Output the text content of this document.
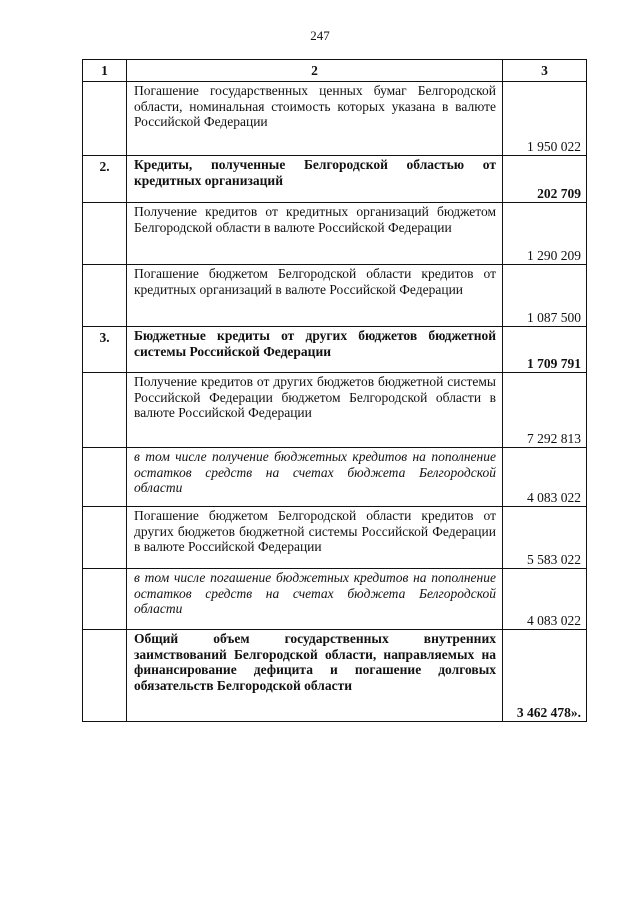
247
1	2	3
	Погашение государственных ценных бумаг Белгородской области, номинальная стоимость которых указана в валюте Российской Федерации	1 950 022
2.	Кредиты, полученные Белгородской областью от кредитных организаций	202 709
	Получение кредитов от кредитных организаций бюджетом Белгородской области в валюте Российской Федерации	1 290 209
	Погашение бюджетом Белгородской области кредитов от кредитных организаций в валюте Российской Федерации	1 087 500
3.	Бюджетные кредиты от других бюджетов бюджетной системы Российской Федерации	1 709 791
	Получение кредитов от других бюджетов бюджетной системы Российской Федерации бюджетом Белгородской области в валюте Российской Федерации	7 292 813
	в том числе получение бюджетных кредитов на пополнение остатков средств на счетах бюджета Белгородской области	4 083 022
	Погашение бюджетом Белгородской области кредитов от других бюджетов бюджетной системы Российской Федерации в валюте Российской Федерации	5 583 022
	в том числе погашение бюджетных кредитов на пополнение остатков средств на счетах бюджета Белгородской области	4 083 022
	Общий объем государственных внутренних заимствований Белгородской области, направляемых на финансирование дефицита и погашение долговых обязательств Белгородской области	3 462 478».
